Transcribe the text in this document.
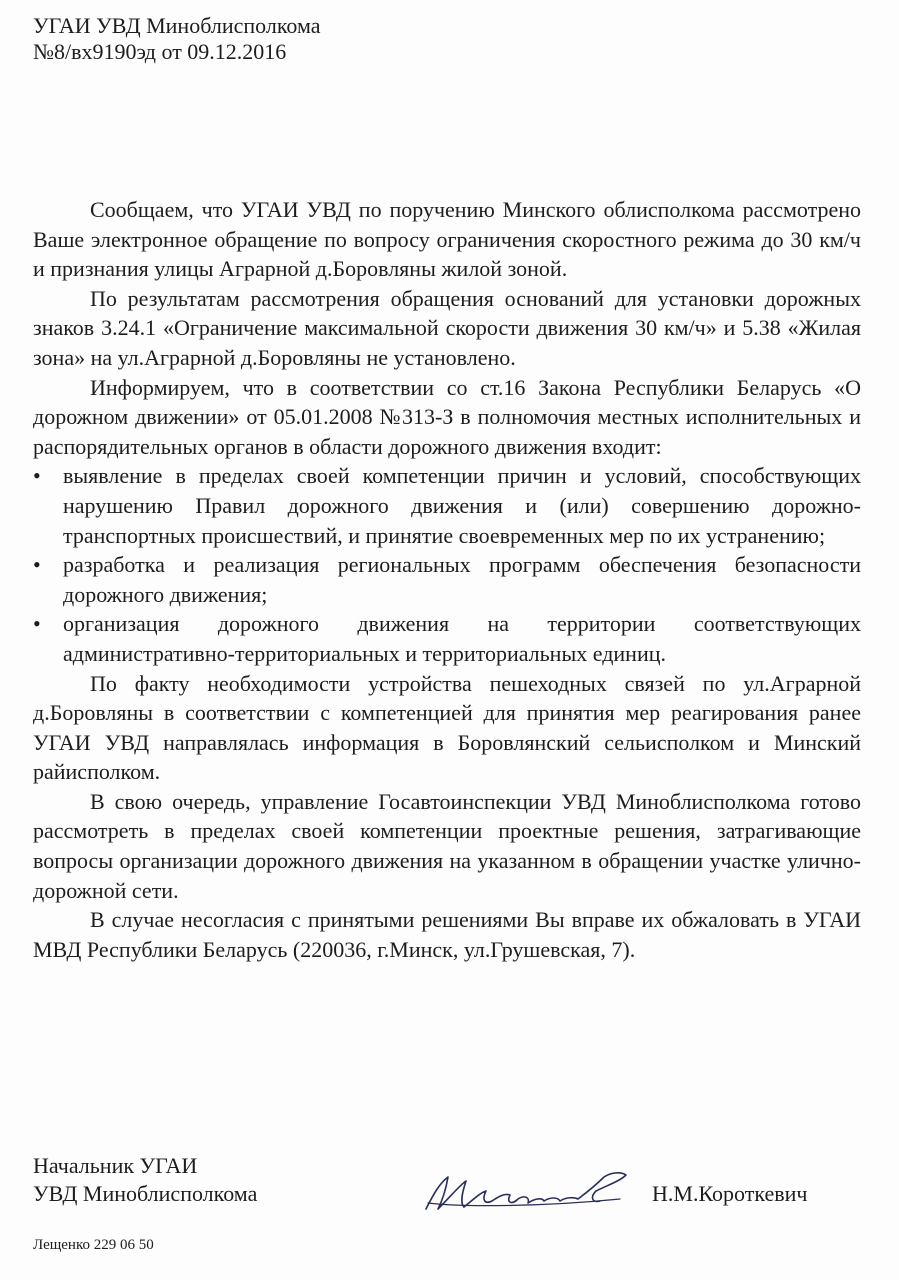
УГАИ УВД Миноблисполкома
№8/вх9190эд от 09.12.2016

Сообщаем, что УГАИ УВД по поручению Минского облисполкома рассмотрено Ваше электронное обращение по вопросу ограничения скоростного режима до 30 км/ч и признания улицы Аграрной д.Боровляны жилой зоной.

По результатам рассмотрения обращения оснований для установки дорожных знаков 3.24.1 «Ограничение максимальной скорости движения 30 км/ч» и 5.38 «Жилая зона» на ул.Аграрной д.Боровляны не установлено.

Информируем, что в соответствии со ст.16 Закона Республики Беларусь «О дорожном движении» от 05.01.2008 №313-З в полномочия местных исполнительных и распорядительных органов в области дорожного движения входит:

• выявление в пределах своей компетенции причин и условий, способствующих нарушению Правил дорожного движения и (или) совершению дорожно-транспортных происшествий, и принятие своевременных мер по их устранению;
• разработка и реализация региональных программ обеспечения безопасности дорожного движения;
• организация дорожного движения на территории соответствующих административно-территориальных и территориальных единиц.

По факту необходимости устройства пешеходных связей по ул.Аграрной д.Боровляны в соответствии с компетенцией для принятия мер реагирования ранее УГАИ УВД направлялась информация в Боровлянский сельисполком и Минский райисполком.

В свою очередь, управление Госавтоинспекции УВД Миноблисполкома готово рассмотреть в пределах своей компетенции проектные решения, затрагивающие вопросы организации дорожного движения на указанном в обращении участке улично-дорожной сети.

В случае несогласия с принятыми решениями Вы вправе их обжаловать в УГАИ МВД Республики Беларусь (220036, г.Минск, ул.Грушевская, 7).

Начальник УГАИ
УВД Миноблисполкома	Н.М.Короткевич
Лещенко 229 06 50
